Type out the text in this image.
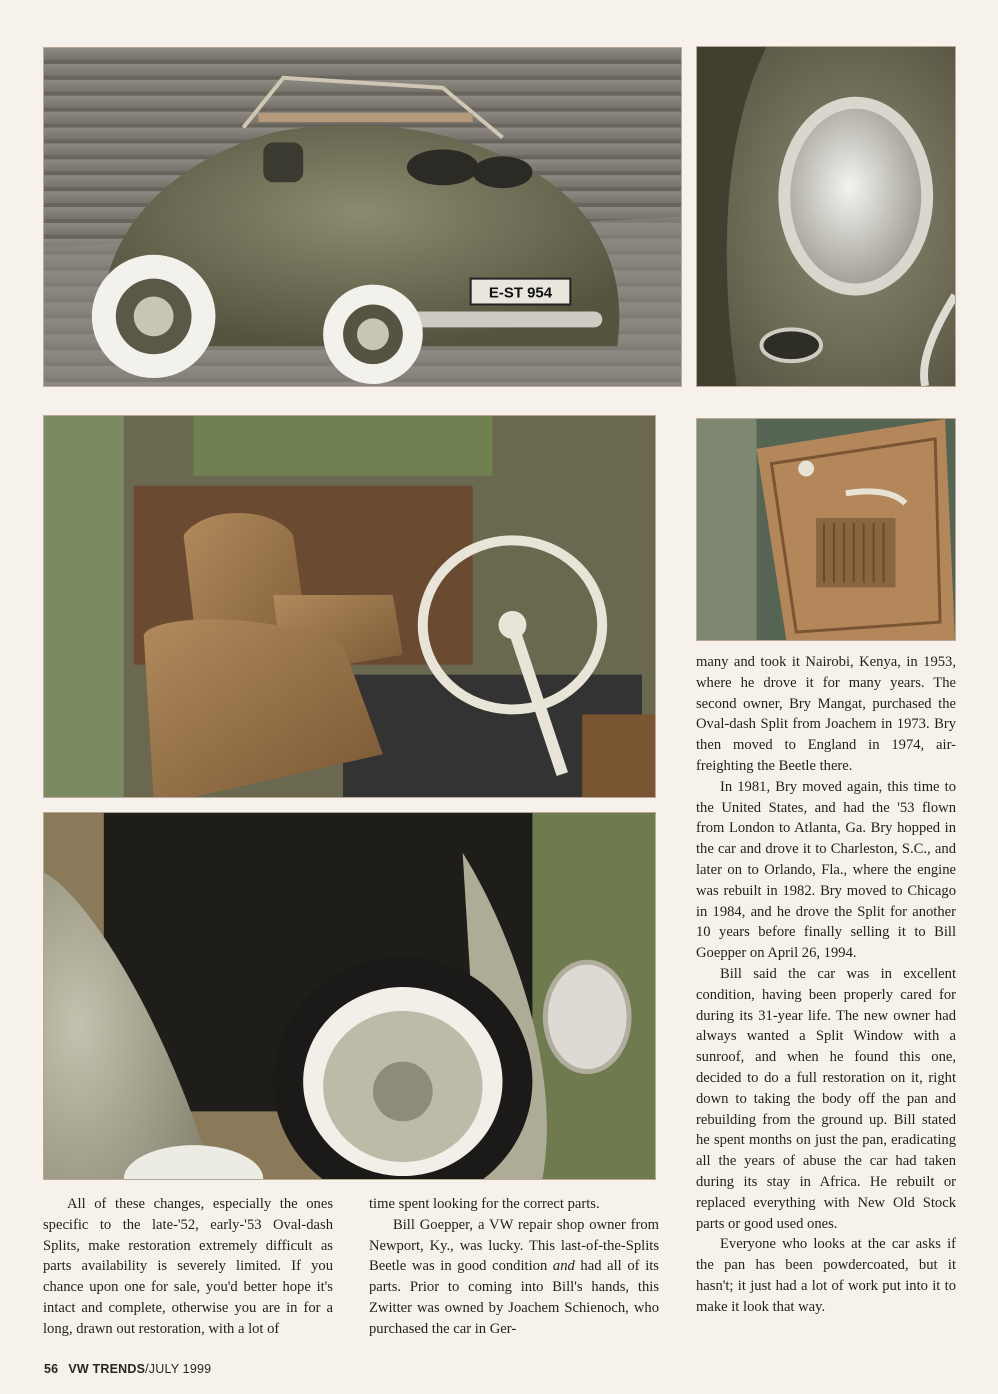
E-ST 954

All of these changes, especially the ones specific to the late-'52, early-'53 Oval-dash Splits, make restoration extremely difficult as parts availability is severely limited. If you chance upon one for sale, you'd better hope it's intact and complete, otherwise you are in for a long, drawn out restoration, with a lot of

time spent looking for the correct parts.

Bill Goepper, a VW repair shop owner from Newport, Ky., was lucky. This last-of-the-Splits Beetle was in good condition and had all of its parts. Prior to coming into Bill's hands, this Zwitter was owned by Joachem Schienoch, who purchased the car in Ger-

many and took it Nairobi, Kenya, in 1953, where he drove it for many years. The second owner, Bry Mangat, purchased the Oval-dash Split from Joachem in 1973. Bry then moved to England in 1974, air-freighting the Beetle there.

In 1981, Bry moved again, this time to the United States, and had the '53 flown from London to Atlanta, Ga. Bry hopped in the car and drove it to Charleston, S.C., and later on to Orlando, Fla., where the engine was rebuilt in 1982. Bry moved to Chicago in 1984, and he drove the Split for another 10 years before finally selling it to Bill Goepper on April 26, 1994.

Bill said the car was in excellent condition, having been properly cared for during its 31-year life. The new owner had always wanted a Split Window with a sunroof, and when he found this one, decided to do a full restoration on it, right down to taking the body off the pan and rebuilding from the ground up. Bill stated he spent months on just the pan, eradicating all the years of abuse the car had taken during its stay in Africa. He rebuilt or replaced everything with New Old Stock parts or good used ones.

Everyone who looks at the car asks if the pan has been powdercoated, but it hasn't; it just had a lot of work put into it to make it look that way.

56 VW TRENDS/JULY 1999
